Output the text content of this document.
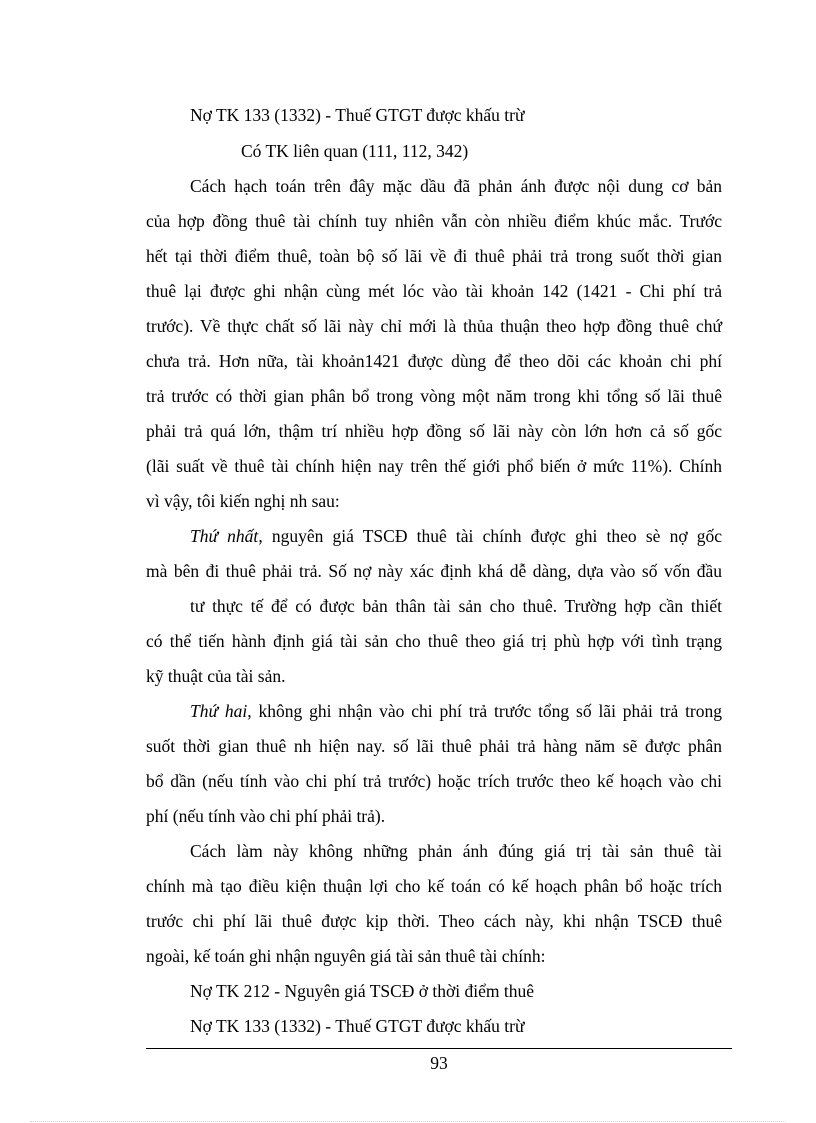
Nợ TK 133 (1332) - Thuế GTGT được khấu trừ

Có TK liên quan (111, 112, 342)

Cách hạch toán trên đây mặc dầu đã phản ánh được nội dung cơ bản

của hợp đồng thuê tài chính tuy nhiên vẫn còn nhiều điểm khúc mắc. Trước

hết tại thời điểm thuê, toàn bộ số lãi về đi thuê phải trả trong suốt thời gian

thuê lại được ghi nhận cùng mét lóc vào tài khoản 142 (1421 - Chi phí trả

trước). Về thực chất số lãi này chỉ mới là thủa thuận theo hợp đồng thuê chứ

chưa trả. Hơn nữa, tài khoản1421 được dùng để theo dõi các khoản chi phí

trả trước có thời gian phân bổ trong vòng một năm trong khi tổng số lãi thuê

phải trả quá lớn, thậm trí nhiều hợp đồng số lãi này còn lớn hơn cả số gốc

(lãi suất về thuê tài chính hiện nay trên thế giới phổ biến ở mức 11%). Chính

vì vậy, tôi kiến nghị nh sau:

Thứ nhất, nguyên giá TSCĐ thuê tài chính được ghi theo sè nợ gốc

mà bên đi thuê phải trả. Số nợ này xác định khá dễ dàng, dựa vào số vốn đầu

tư thực tế để có được bản thân tài sản cho thuê. Trường hợp cần thiết

có thể tiến hành định giá tài sản cho thuê theo giá trị phù hợp với tình trạng

kỹ thuật của tài sản.

Thứ hai, không ghi nhận vào chi phí trả trước tổng số lãi phải trả trong

suốt thời gian thuê nh hiện nay. số lãi thuê phải trả hàng năm sẽ được phân

bổ dần (nếu tính vào chi phí trả trước) hoặc trích trước theo kế hoạch vào chi

phí (nếu tính vào chi phí phải trả).

Cách làm này không những phản ánh đúng giá trị tài sản thuê tài

chính mà tạo điều kiện thuận lợi cho kế toán có kế hoạch phân bổ hoặc trích

trước chi phí lãi thuê được kịp thời. Theo cách này, khi nhận TSCĐ thuê

ngoài, kế toán ghi nhận nguyên giá tài sản thuê tài chính:

Nợ TK 212 - Nguyên giá TSCĐ ở thời điểm thuê

Nợ TK 133 (1332) - Thuế GTGT được khấu trừ

93
